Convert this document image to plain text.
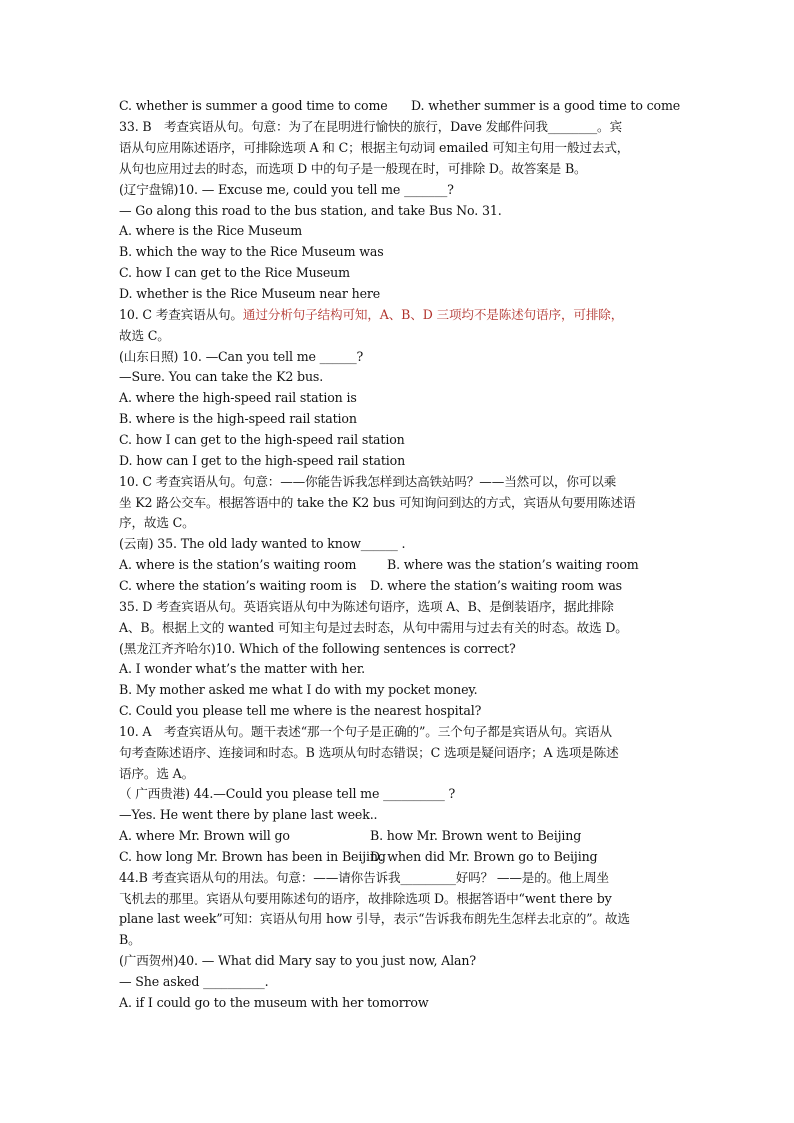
C. whether is summer a good time to come D. whether summer is a good time to come
33. B　考查宾语从句。句意：为了在昆明进行愉快的旅行，Dave 发邮件问我________。宾
语从句应用陈述语序，可排除选项 A 和 C；根据主句动词 emailed 可知主句用一般过去式，
从句也应用过去的时态，而选项 D 中的句子是一般现在时，可排除 D。故答案是 B。
(辽宁盘锦)10. — Excuse me, could you tell me _______?
— Go along this road to the bus station, and take Bus No. 31.
A. where is the Rice Museum
B. which the way to the Rice Museum was
C. how I can get to the Rice Museum
D. whether is the Rice Museum near here
10. C 考查宾语从句。通过分析句子结构可知，A、B、D 三项均不是陈述句语序，可排除，
故选 C。
(山东日照) 10. —Can you tell me ______?
—Sure. You can take the K2 bus.
A. where the high-speed rail station is
B. where is the high-speed rail station
C. how I can get to the high-speed rail station
D. how can I get to the high-speed rail station
10. C 考查宾语从句。句意：——你能告诉我怎样到达高铁站吗？——当然可以，你可以乘
坐 K2 路公交车。根据答语中的 take the K2 bus 可知询问到达的方式，宾语从句要用陈述语
序，故选 C。
(云南) 35. The old lady wanted to know______ .
A. where is the station’s waiting room B. where was the station’s waiting room
C. where the station’s waiting room is D. where the station’s waiting room was
35. D 考查宾语从句。英语宾语从句中为陈述句语序，选项 A、B、是倒装语序，据此排除
A、B。根据上文的 wanted 可知主句是过去时态，从句中需用与过去有关的时态。故选 D。
(黑龙江齐齐哈尔)10. Which of the following sentences is correct?
A. I wonder what’s the matter with her.
B. My mother asked me what I do with my pocket money.
C. Could you please tell me where is the nearest hospital?
10. A　考查宾语从句。题干表述“那一个句子是正确的”。三个句子都是宾语从句。宾语从
句考查陈述语序、连接词和时态。B 选项从句时态错误；C 选项是疑问语序；A 选项是陈述
语序。选 A。
（ 广西贵港) 44.—Could you please tell me __________ ?
—Yes. He went there by plane last week..
A. where Mr. Brown will go	B. how Mr. Brown went to Beijing
C. how long Mr. Brown has been in Beijing
D. when did Mr. Brown go to Beijing
44.B 考查宾语从句的用法。句意：——请你告诉我_________好吗？ ——是的。他上周坐
飞机去的那里。宾语从句要用陈述句的语序，故排除选项 D。根据答语中“went there by
plane last week”可知：宾语从句用 how 引导，表示“告诉我布朗先生怎样去北京的”。故选
B。
(广西贺州)40. — What did Mary say to you just now, Alan?
— She asked __________.
A. if I could go to the museum with her tomorrow
